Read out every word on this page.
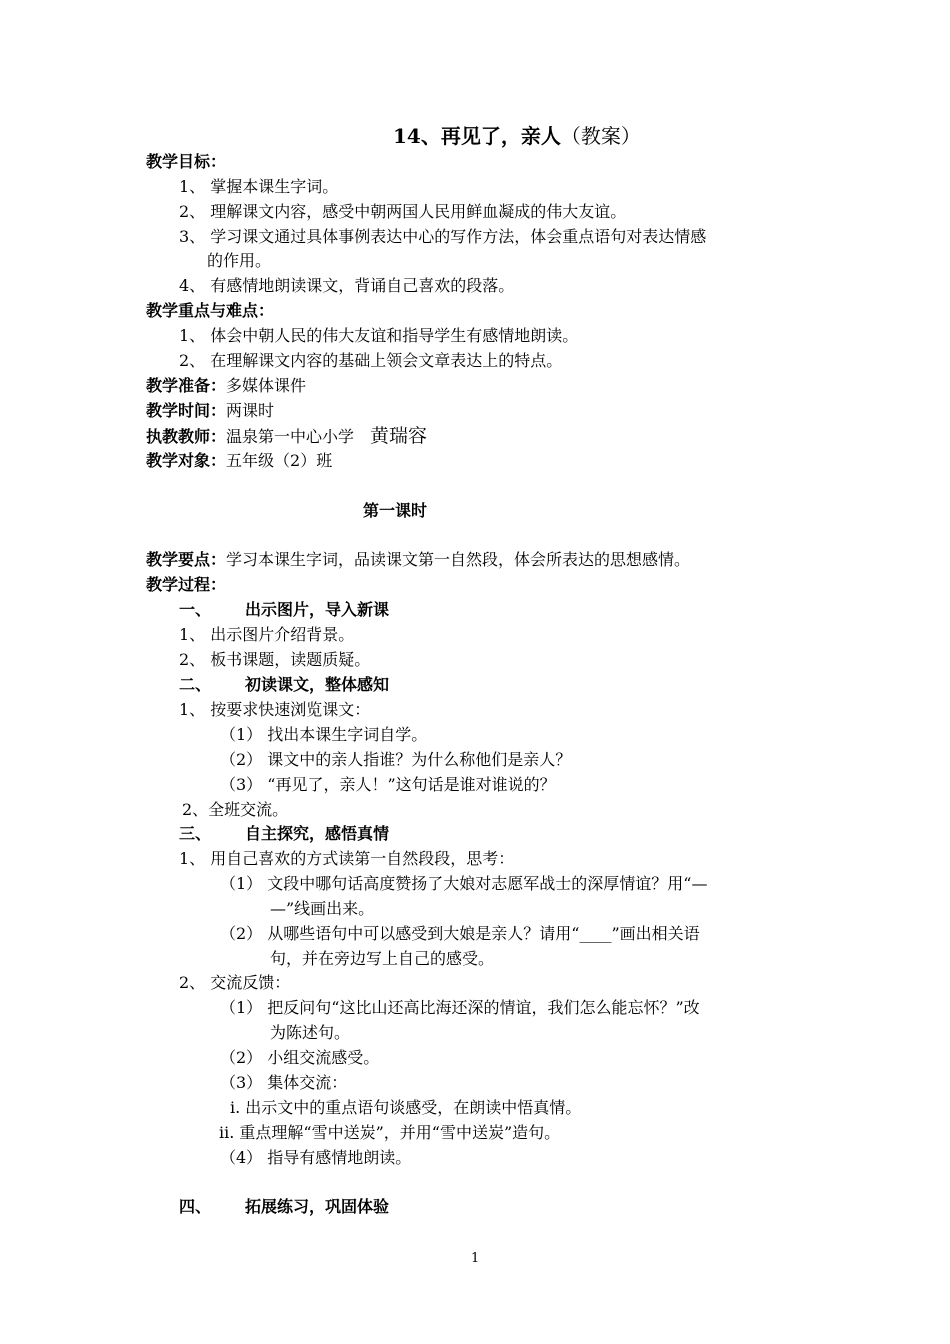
14、再见了，亲人（教案）
教学目标：
1、 掌握本课生字词。
2、 理解课文内容，感受中朝两国人民用鲜血凝成的伟大友谊。
3、 学习课文通过具体事例表达中心的写作方法，体会重点语句对表达情感
的作用。
4、 有感情地朗读课文，背诵自己喜欢的段落。
教学重点与难点：
1、 体会中朝人民的伟大友谊和指导学生有感情地朗读。
2、 在理解课文内容的基础上领会文章表达上的特点。
教学准备：多媒体课件
教学时间：两课时
执教教师：温泉第一中心小学 黄瑞容
教学对象：五年级（2）班
第一课时
教学要点：学习本课生字词，品读课文第一自然段，体会所表达的思想感情。
教学过程：
一、 出示图片，导入新课
1、 出示图片介绍背景。
2、 板书课题，读题质疑。
二、 初读课文，整体感知
1、 按要求快速浏览课文：
（1） 找出本课生字词自学。
（2） 课文中的亲人指谁？为什么称他们是亲人？
（3） “再见了，亲人！”这句话是谁对谁说的？
2、全班交流。
三、 自主探究，感悟真情
1、 用自己喜欢的方式读第一自然段段，思考：
（1） 文段中哪句话高度赞扬了大娘对志愿军战士的深厚情谊？用“—
—”线画出来。
（2） 从哪些语句中可以感受到大娘是亲人？请用“____”画出相关语
句，并在旁边写上自己的感受。
2、 交流反馈：
（1） 把反问句“这比山还高比海还深的情谊，我们怎么能忘怀？”改
为陈述句。
（2） 小组交流感受。
（3） 集体交流：
i. 出示文中的重点语句谈感受，在朗读中悟真情。
ii. 重点理解“雪中送炭”，并用“雪中送炭”造句。
（4） 指导有感情地朗读。
四、 拓展练习，巩固体验
1
